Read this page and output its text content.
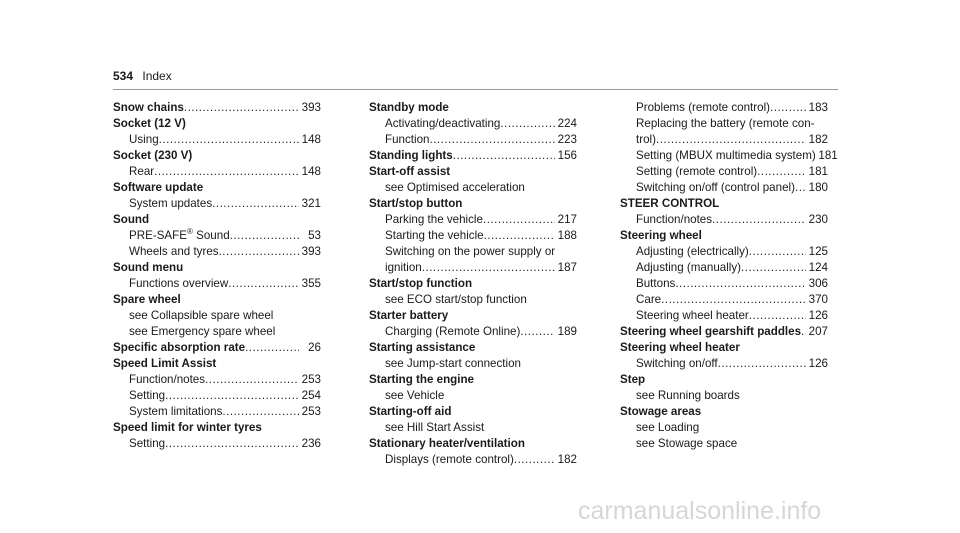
534 Index
Snow chains .....	393
Socket (12 V)
Using .....	148
Socket (230 V)
Rear .....	148
Software update
System updates .....	321
Sound
PRE-SAFE® Sound .....	53
Wheels and tyres .....	393
Sound menu
Functions overview .....	355
Spare wheel
see Collapsible spare wheel
see Emergency spare wheel
Specific absorption rate .....	26
Speed Limit Assist
Function/notes .....	253
Setting .....	254
System limitations .....	253
Speed limit for winter tyres
Setting .....	236
Standby mode
Activating/deactivating .....	224
Function .....	223
Standing lights .....	156
Start-off assist
see Optimised acceleration
Start/stop button
Parking the vehicle .....	217
Starting the vehicle .....	188
Switching on the power supply or
ignition .....	187
Start/stop function
see ECO start/stop function
Starter battery
Charging (Remote Online) .....	189
Starting assistance
see Jump-start connection
Starting the engine
see Vehicle
Starting-off aid
see Hill Start Assist
Stationary heater/ventilation
Displays (remote control) .....	182
Problems (remote control) .....	183
Replacing the battery (remote con-
trol) .....	182
Setting (MBUX multimedia system) 181
Setting (remote control) .....	181
Switching on/off (control panel) ..... 180
STEER CONTROL
Function/notes .....	230
Steering wheel
Adjusting (electrically) .....	125
Adjusting (manually) .....	124
Buttons .....	306
Care .....	370
Steering wheel heater .....	126
Steering wheel gearshift paddles ..... 207
Steering wheel heater
Switching on/off .....	126
Step
see Running boards
Stowage areas
see Loading
see Stowage space
carmanualsonline.info
